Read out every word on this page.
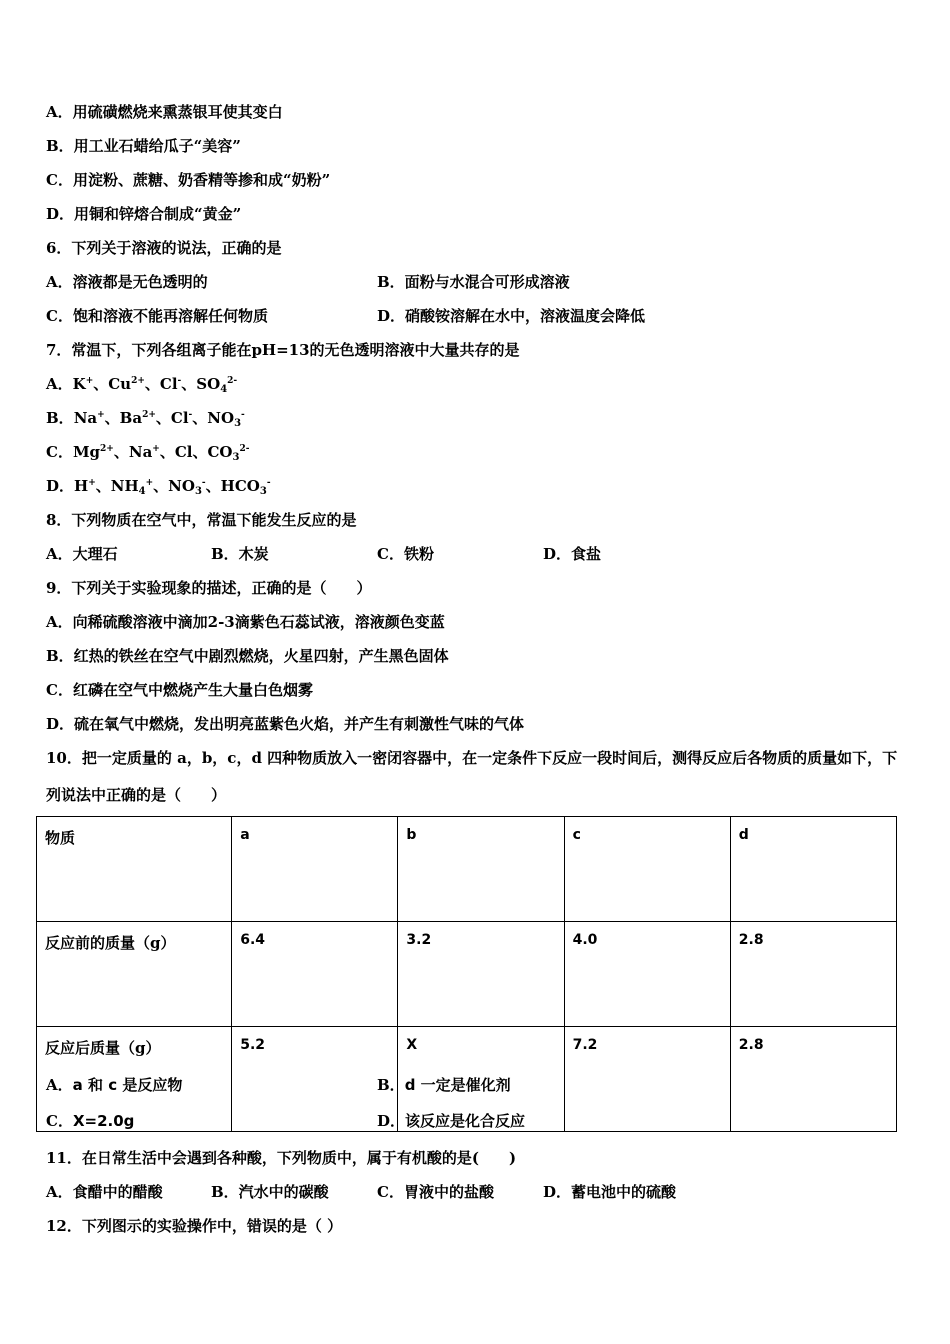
A．用硫磺燃烧来熏蒸银耳使其变白
B．用工业石蜡给瓜子“美容”
C．用淀粉、蔗糖、奶香精等掺和成“奶粉”
D．用铜和锌熔合制成“黄金”
6．下列关于溶液的说法，正确的是
A．溶液都是无色透明的	B．面粉与水混合可形成溶液
C．饱和溶液不能再溶解任何物质	D．硝酸铵溶解在水中，溶液温度会降低
7．常温下，下列各组离子能在pH=13的无色透明溶液中大量共存的是
A．K+、$Cu^{2+}$、Cl-、$SO_4^{2-}$
B．Na+、$Ba^{2+}$、Cl-、$NO_3^-$
C．$Mg^{2+}$、Na+、Cl、$CO_3^{2-}$
D．H+、$NH_4^+$、$NO_3^-$、$HCO_3^-$
8．下列物质在空气中，常温下能发生反应的是
A．大理石	B．木炭	C．铁粉	D．食盐
9．下列关于实验现象的描述，正确的是（　　）
A．向稀硫酸溶液中滴加2-3滴紫色石蕊试液，溶液颜色变蓝
B．红热的铁丝在空气中剧烈燃烧，火星四射，产生黑色固体
C．红磷在空气中燃烧产生大量白色烟雾
D．硫在氧气中燃烧，发出明亮蓝紫色火焰，并产生有刺激性气味的气体
10．把一定质量的 a，b，c，d 四种物质放入一密闭容器中，在一定条件下反应一段时间后，测得反应后各物质的质量如下，下列说法中正确的是（　　）
物质	a	b	c	d
反应前的质量（g）	6.4	3.2	4.0	2.8
反应后质量（g）	5.2	X	7.2	2.8
A．a 和 c 是反应物	B．d 一定是催化剂
C．X=2.0g	D．该反应是化合反应
11．在日常生活中会遇到各种酸，下列物质中，属于有机酸的是(　　)
A．食醋中的醋酸	B．汽水中的碳酸	C．胃液中的盐酸	D．蓄电池中的硫酸
12．下列图示的实验操作中，错误的是（ ）
